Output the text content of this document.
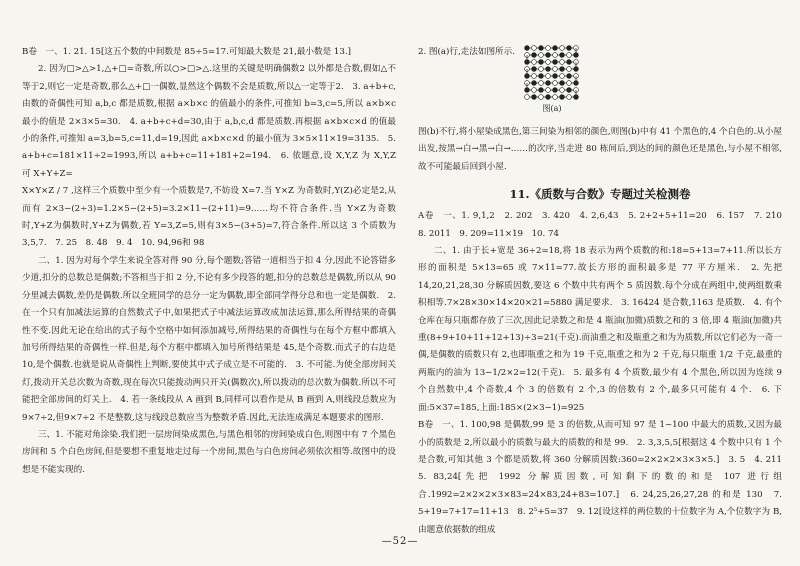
B卷　一、1. 21. 15[这五个数的中间数是 85÷5=17.可知最大数是 21,最小数是 13.]

2. 因为□>△>1,△+□=奇数,所以○>□>△.这里的关键是明确偶数2 以外都是合数,假如△不等于2,则它一定是奇数,那么△+□一偶数,显然这个偶数不会是质数,所以△一定等于2.　3. a+b+c,由数的奇偶性可知 a,b,c 都是质数,根据 a×b×c 的值最小的条件,可推知 b=3,c=5,所以 a×b×c 最小的值是 2×3×5=30.　4. a+b+c+d=30,由于 a,b,c,d 都是质数.再根据 a×b×c×d 的值最小的条件,可推知 a=3,b=5,c=11,d=19,因此 a×b×c×d 的最小值为 3×5×11×19=3135.　5. a+b+c=181×11÷2=1993,所以 a+b+c=11+181+2=194.　6. 依题意,设 X,Y,Z 为 X,Y,Z 可 X+Y+Z=

X×Y×Z / 7 ,这样三个质数中至少有一个质数是7,不妨设 X=7.当 Y×Z 为奇数时,Y(Z)必定是2,从而有 2×3−(2÷3)=1.2×5−(2+5)=3.2×11−(2+11)=9……均不符合条件.当 Y×Z为奇数时,Y+Z为偶数时,Y+Z为偶数,若 Y=3,Z=5,则有3×5−(3+5)=7,符合条件.所以这 3 个质数为 3,5,7.　7. 25　8. 48　9. 4　10. 94,96和 98

二、1. 因为对每个学生来说全答对得 90 分,每个题数;答错一道相当于扣 4 分,因此不论答错多少道,扣分的总数总是偶数;不答相当于扣 2 分,不论有多少段答的题,扣分的总数总是偶数,所以从 90 分里减去偶数,差仍是偶数.所以全班同学的总分一定为偶数,即全部同学得分总和也一定是偶数.　2. 在一个只有加减法运算的自然数式子中,如果把式子中减法运算改成加法运算,那么所得结果的奇偶性不变.因此无论在给出的式子每个空格中如何添加减号,所得结果的奇偶性与在每个方框中都填入加号所得结果的奇偶性一样.但是,每个方框中都填入加号所得结果是 45,是个奇数.而式子的右边是 10,是个偶数.也就是说从奇偶性上判断,要使其中式子成立是不可能的.　3. 不可能.为使全部房间关灯,拨动开关总次数为奇数,现在每次只能拨动两只开关(偶数次),所以拨动的总次数为偶数.所以不可能把全部房间的灯关上.　4. 若一条线段从 A 画到 B,同样可以看作是从 B 画到 A,则线段总数应为 9×7÷2,但9×7÷2 不是整数,这与线段总数应当为整数矛盾.因此,无法连成满足本题要求的图形.

三、1. 不能对角涂染.我们把一层房间染成黑色,与黑色相邻的房间染成白色,则图中有 7 个黑色房间和 5 个白色房间,但是要想不重复地走过每一个房间,黑色与白色房间必须依次相等.故图中的设想是不能实现的.

2. 图(a)行,走法如图所示.
图(a)

图(b)不行,将小屋染成黑色,第三间染为相邻的颜色,则图(b)中有 41 个黑色的,4 个白色的.从小屋出发,按黑→白→黑→白→……的次序,当走进 80 栋间后,到达的间的颜色还是黑色,与小屋不相邻,故不可能最后回到小屋.

11.《质数与合数》专题过关检测卷

A卷　一、1. 9,1,2　2. 202　3. 420　4. 2,6,43　5. 2+2+5+11=20　6. 157　7. 210　8. 2011　9. 209=11×19　10. 74

二、1. 由于长+宽是 36÷2=18,将 18 表示为两个质数的和:18=5+13=7+11.所以长方形的面积是 5×13=65 或 7×11=77.故长方形的面积最多是 77 平方厘米.　2. 先把 14,20,21,28,30 分解质因数,要这 6 个数中共有两个 5 质因数.每个分成在两组中,使两组数乘积相等.7×28×30×14×20×21=5880 满足要求.　3. 16424 是合数,1163 是质数.　4. 有个仓库在每只瓶都存放了三次,因此记录数之和是 4 瓶油(加微)质数之和的 3 倍,即 4 瓶油(加微)共重(8+9+10+11+12+13)÷3=21(千克).而油重之和及瓶重之和为为质数,所以它们必为一奇一偶,是偶数的质数只有 2,也即瓶重之和为 19 千克,瓶重之和为 2 千克,每只瓶重 1/2 千克,最重的两瓶内的油为 13−1/2×2=12(千克).　5. 最多有 4 个质数,最少有 4 个黑色,所以因为连续 9 个自然数中,4 个奇数,4 个 3 的倍数有 2 个,3 的倍数有 2 个,最多只可能有 4 个.　6. 下面:5×37=185,上面:185×(2×3−1)=925

B卷　一、1. 100,98 是偶数,99 是 3 的倍数,从而可知 97 是 1~100 中最大的质数,又因为最小的质数是 2,所以最小的质数与最大的质数的和是 99.　2. 3,3,5,5[根据这 4 个数中只有 1 个是合数,可知其他 3 个都是质数,将 360 分解质因数:360=2×2×2×3×3×5.]　3. 5　4. 211　5. 83,24[先把 1992 分解质因数,可知剩下的数的和是 107 进行组合.1992=2×2×2×3×83=24×83,24+83=107.]　6. 24,25,26,27,28 的和是 130　7. 5+19=7+17=11+13　8. 2⁵+5=37　9. 12[设这样的两位数的十位数字为 A,个位数字为 B,由题意依据数的组成

—52—
